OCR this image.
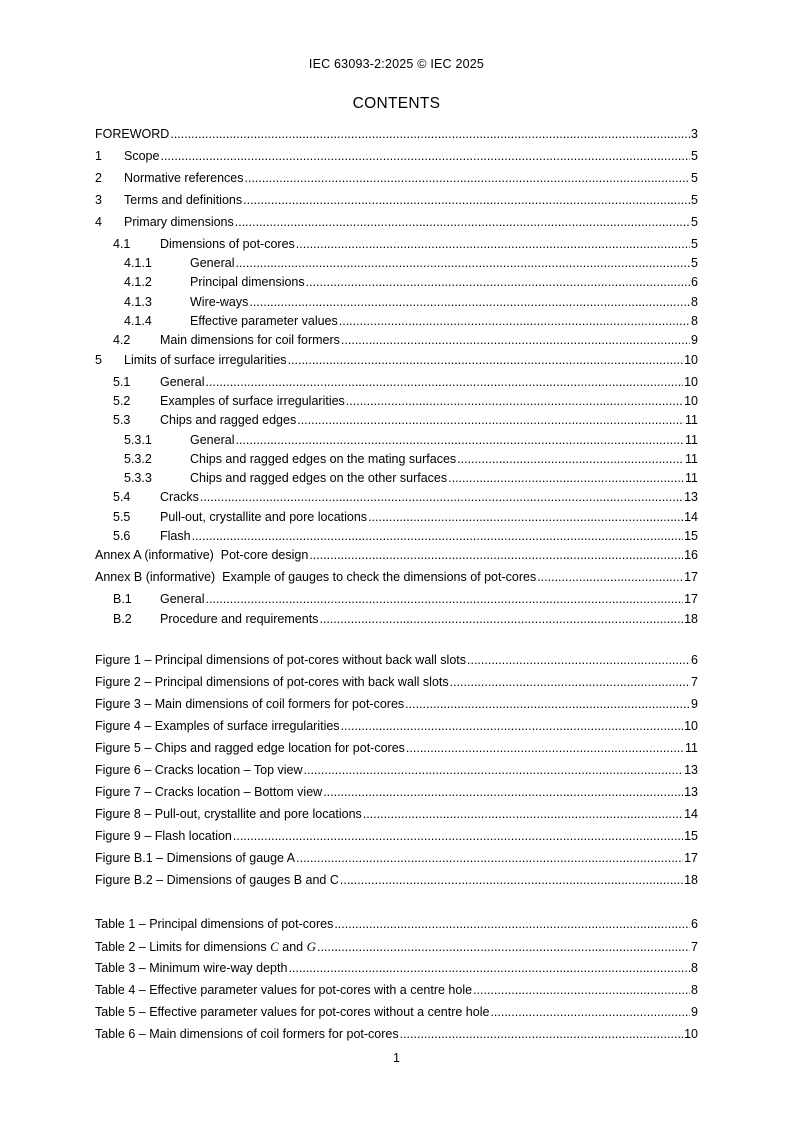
IEC 63093-2:2025 © IEC 2025
CONTENTS
FOREWORD .....	3
1	Scope .....	5
2	Normative references .....	5
3	Terms and definitions .....	5
4	Primary dimensions .....	5
4.1	Dimensions of pot-cores .....	5
4.1.1	General .....	5
4.1.2	Principal dimensions .....	6
4.1.3	Wire-ways .....	8
4.1.4	Effective parameter values .....	8
4.2	Main dimensions for coil formers .....	9
5	Limits of surface irregularities .....	10
5.1	General .....	10
5.2	Examples of surface irregularities .....	10
5.3	Chips and ragged edges .....	11
5.3.1	General .....	11
5.3.2	Chips and ragged edges on the mating surfaces .....	11
5.3.3	Chips and ragged edges on the other surfaces .....	11
5.4	Cracks .....	13
5.5	Pull-out, crystallite and pore locations .....	14
5.6	Flash .....	15
Annex A (informative)  Pot-core design .....	16
Annex B (informative)  Example of gauges to check the dimensions of pot-cores .....	17
B.1	General .....	17
B.2	Procedure and requirements .....	18
Figure 1 – Principal dimensions of pot-cores without back wall slots .....	6
Figure 2 – Principal dimensions of pot-cores with back wall slots .....	7
Figure 3 – Main dimensions of coil formers for pot-cores .....	9
Figure 4 – Examples of surface irregularities .....	10
Figure 5 – Chips and ragged edge location for pot-cores .....	11
Figure 6 – Cracks location – Top view .....	13
Figure 7 – Cracks location – Bottom view .....	13
Figure 8 – Pull-out, crystallite and pore locations .....	14
Figure 9 – Flash location .....	15
Figure B.1 – Dimensions of gauge A .....	17
Figure B.2 – Dimensions of gauges B and C .....	18
Table 1 – Principal dimensions of pot-cores .....	6
Table 2 – Limits for dimensions C and G .....	7
Table 3 – Minimum wire-way depth .....	8
Table 4 – Effective parameter values for pot-cores with a centre hole .....	8
Table 5 – Effective parameter values for pot-cores without a centre hole .....	9
Table 6 – Main dimensions of coil formers for pot-cores .....	10
1
